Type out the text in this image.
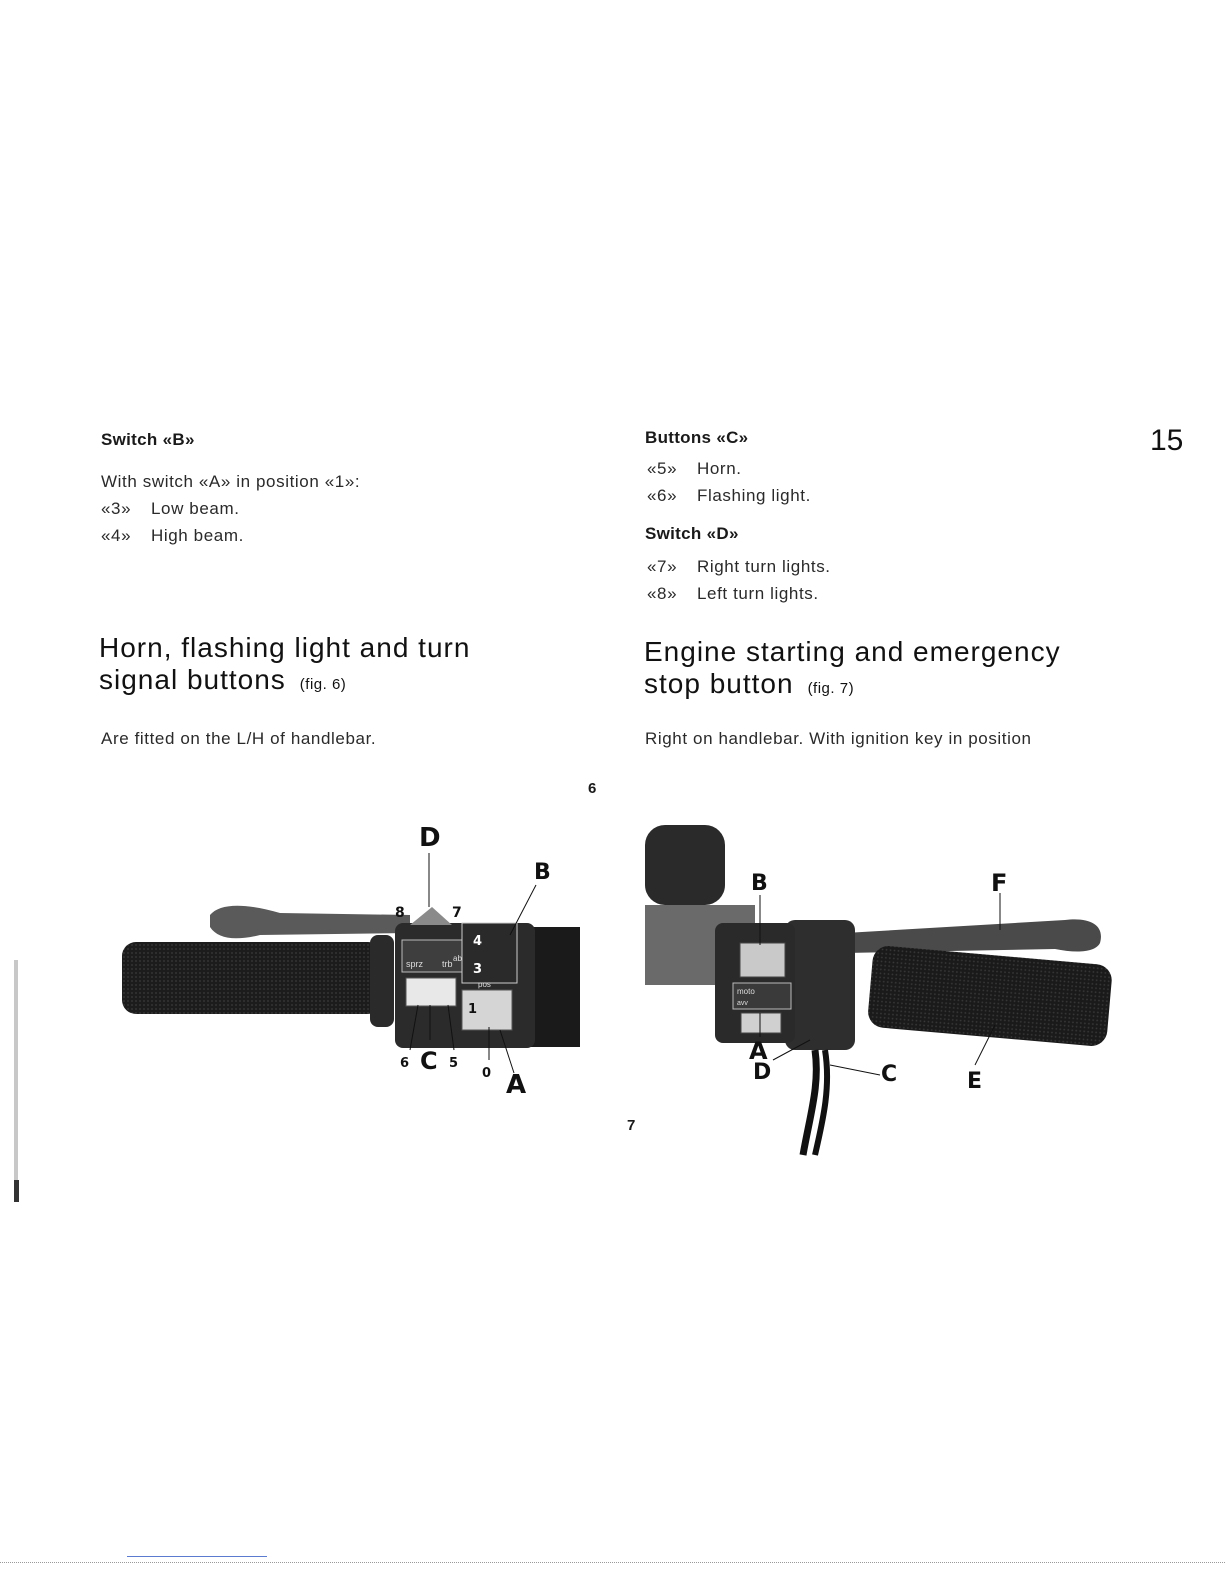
15
Switch «B»
With switch «A» in position «1»:
«3» Low beam.
«4» High beam.
Horn, flashing light and turn
signal buttons (fig. 6)
Are fitted on the L/H of handlebar.
Buttons «C»
«5» Horn.
«6» Flashing light.
Switch «D»
«7» Right turn lights.
«8» Left turn lights.
Engine starting and emergency
stop button (fig. 7)
Right on handlebar. With ignition key in position
6
7
sprz trb
4
3
ab
pos
1
D
B
8	7
6 C 5
0 A
moto
avv
B	F
A
D	C	E
